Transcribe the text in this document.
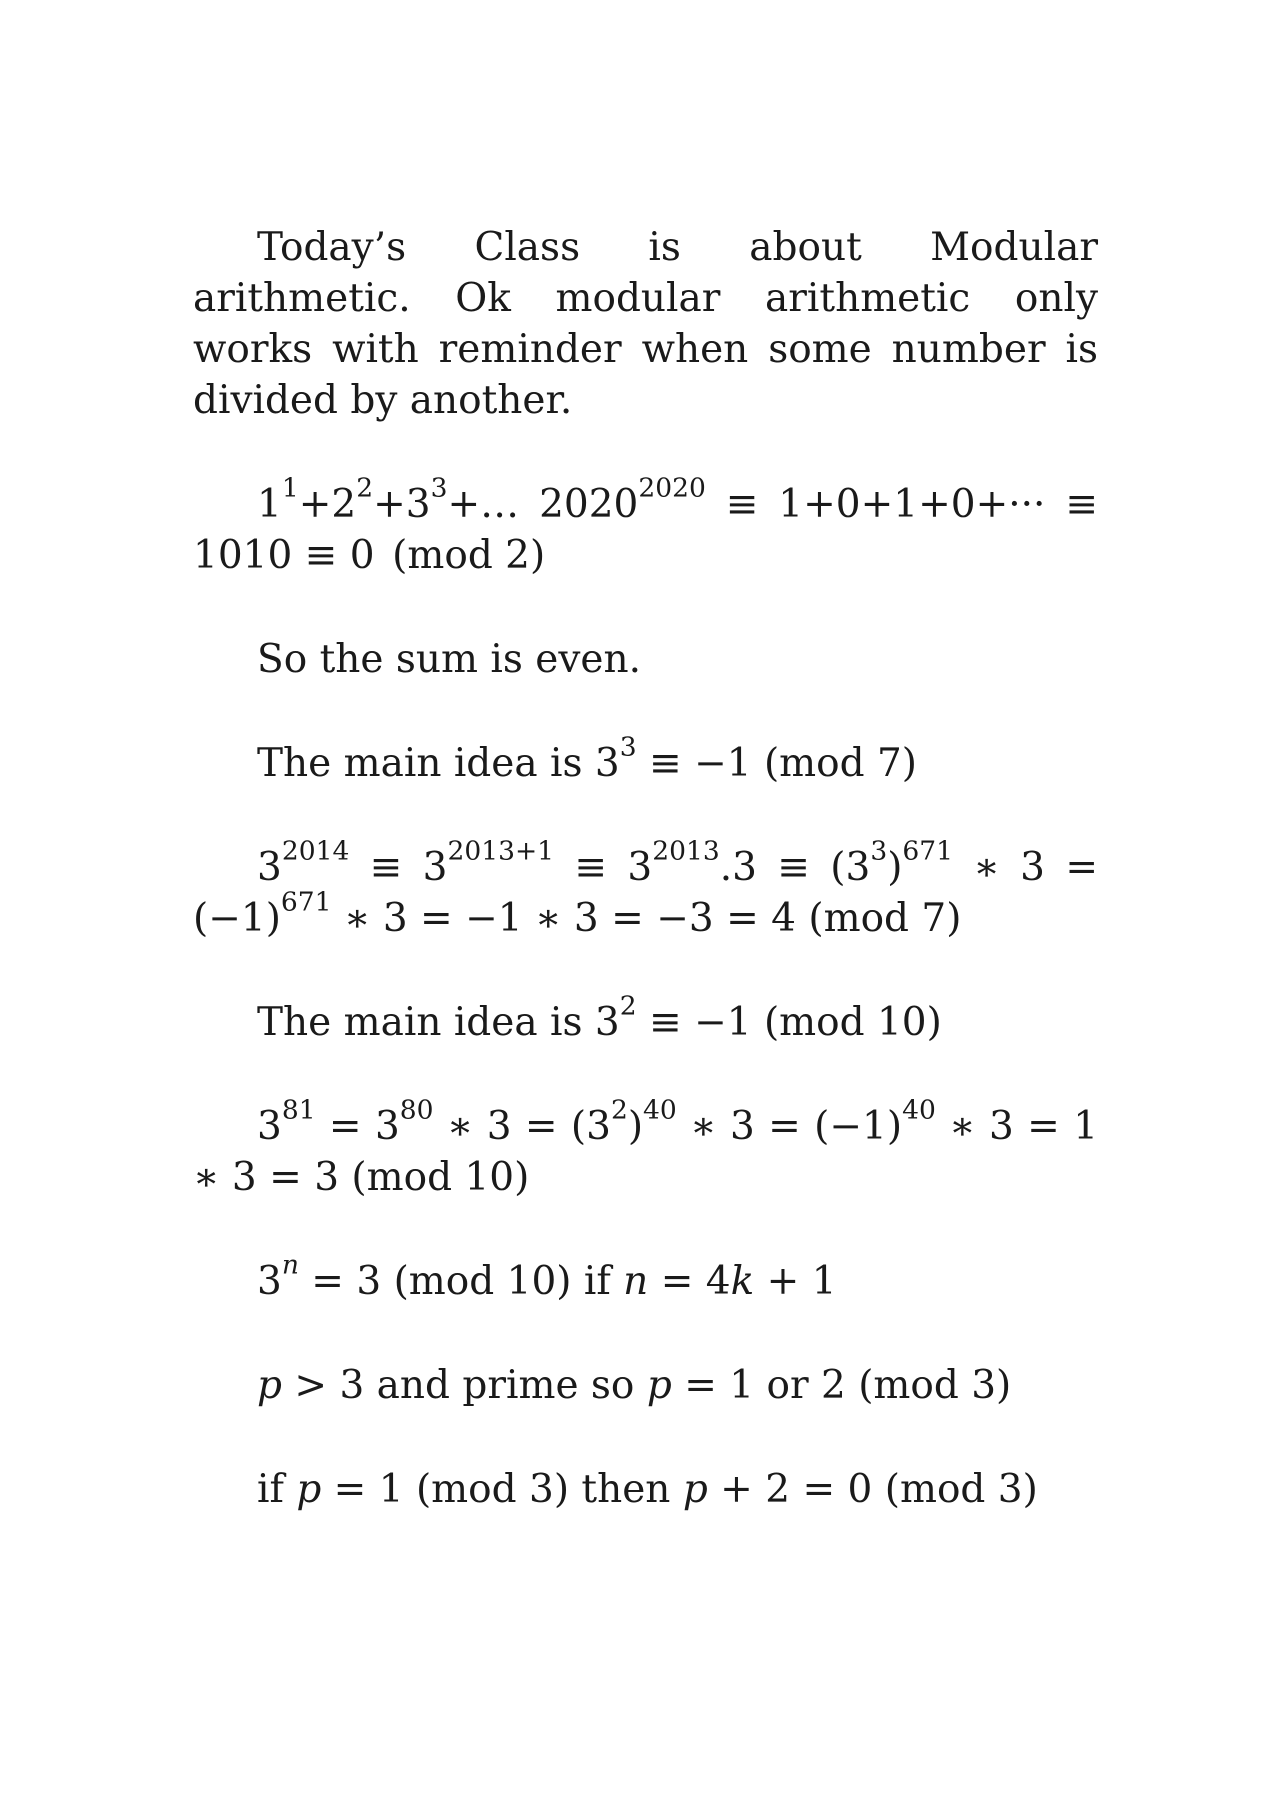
Today’s Class is about Modular arithmetic. Ok modular arithmetic only works with reminder when some number is divided by another.

$1^1+2^2+3^3+\dots$ $2020^{2020} \equiv 1+0+1+0+\cdot\cdot\cdot \equiv 1010 \equiv 0$ (mod 2)

So the sum is even.

The main idea is $3^3 \equiv -1$ (mod 7)

$3^{2014} \equiv 3^{2013+1} \equiv 3^{2013}.3 \equiv (3^3)^{671}$ ∗ $3 = (-1)^{671}$ ∗ 3 = −1 ∗ 3 = −3 = 4 (mod 7)

The main idea is $3^2 \equiv -1$ (mod 10)

$3^{81} = 3^{80}$ ∗ $3 = (3^2)^{40}$ ∗ $3 = (-1)^{40}$ ∗ 3 = 1 ∗ 3 = 3 (mod 10)

$3^n = 3$ (mod 10) if n = 4k + 1

p > 3 and prime so p = 1 or 2 (mod 3)

if p = 1 (mod 3) then p + 2 = 0 (mod 3)
